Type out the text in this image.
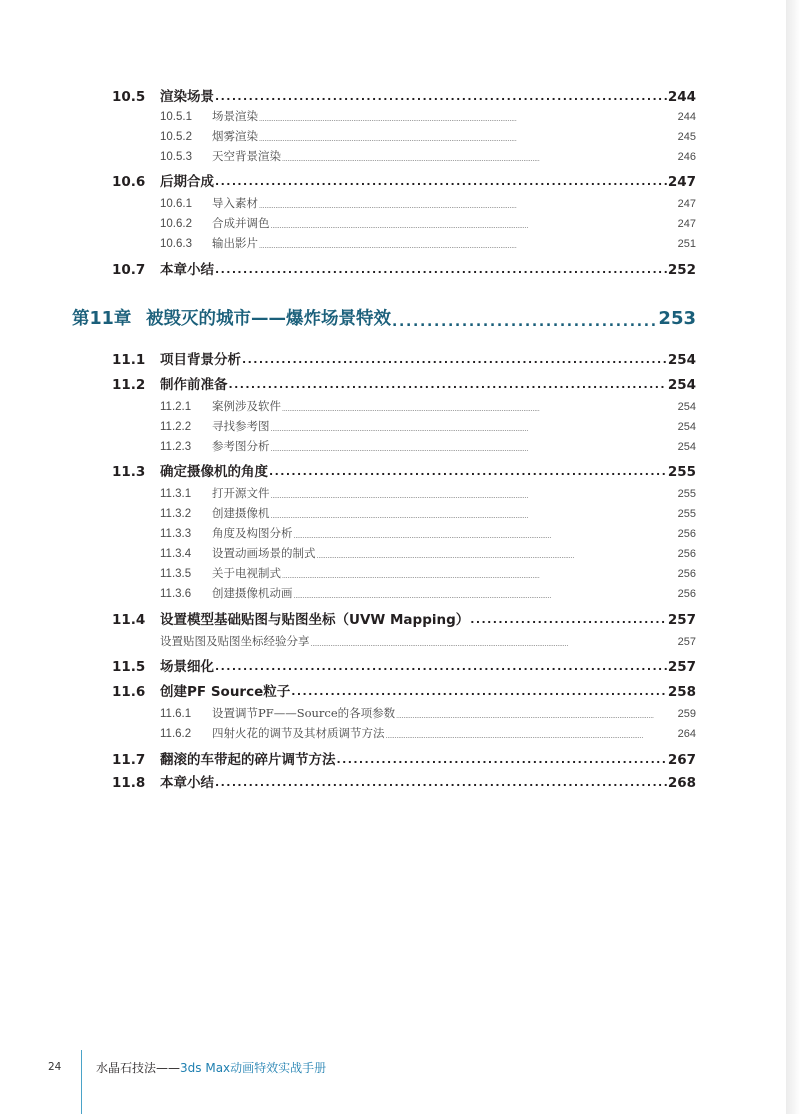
10.5	渲染场景 . . .	244
10.5.1	场景渲染 . . .	244
10.5.2	烟雾渲染 . . .	245
10.5.3	天空背景渲染 . . .	246
10.6	后期合成 . . .	247
10.6.1	导入素材 . . .	247
10.6.2	合成并调色 . . .	247
10.6.3	输出影片 . . .	251
10.7	本章小结 . . .	252
第11章 被毁灭的城市——爆炸场景特效 . . .	253
11.1	项目背景分析 . . .	254
11.2	制作前准备 . . .	254
11.2.1	案例涉及软件 . . .	254
11.2.2	寻找参考图 . . .	254
11.2.3	参考图分析 . . .	254
11.3	确定摄像机的角度 . . .	255
11.3.1	打开源文件 . . .	255
11.3.2	创建摄像机 . . .	255
11.3.3	角度及构图分析 . . .	256
11.3.4	设置动画场景的制式 . . .	256
11.3.5	关于电视制式 . . .	256
11.3.6	创建摄像机动画 . . .	256
11.4	设置模型基础贴图与贴图坐标（UVW Mapping） . . .	257
设置贴图及贴图坐标经验分享 . . .	257
11.5	场景细化 . . .	257
11.6	创建PF Source粒子 . . .	258
11.6.1	设置调节PF——Source的各项参数 . . .	259
11.6.2	四射火花的调节及其材质调节方法 . . .	264
11.7	翻滚的车带起的碎片调节方法 . . .	267
11.8	本章小结 . . .	268
24	水晶石技法——3ds Max动画特效实战手册
